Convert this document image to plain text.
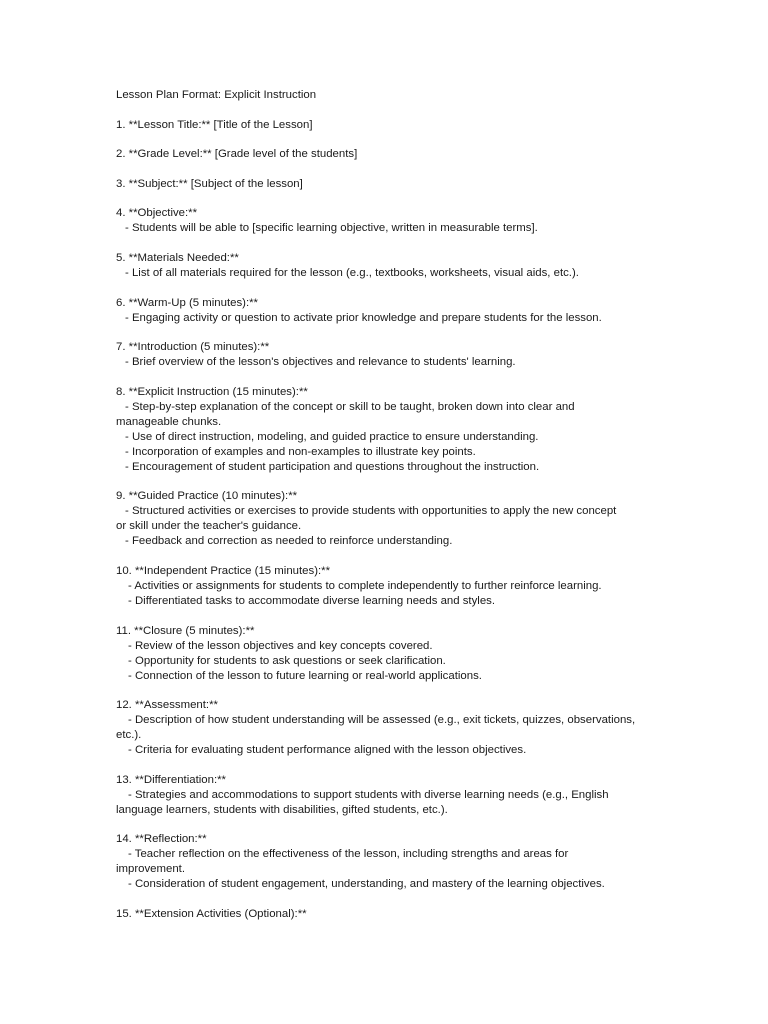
Lesson Plan Format: Explicit Instruction

1. **Lesson Title:** [Title of the Lesson]

2. **Grade Level:** [Grade level of the students]

3. **Subject:** [Subject of the lesson]

4. **Objective:**

- Students will be able to [specific learning objective, written in measurable terms].

5. **Materials Needed:**

- List of all materials required for the lesson (e.g., textbooks, worksheets, visual aids, etc.).

6. **Warm-Up (5 minutes):**

- Engaging activity or question to activate prior knowledge and prepare students for the lesson.

7. **Introduction (5 minutes):**

- Brief overview of the lesson's objectives and relevance to students' learning.

8. **Explicit Instruction (15 minutes):**

- Step-by-step explanation of the concept or skill to be taught, broken down into clear and

manageable chunks.

- Use of direct instruction, modeling, and guided practice to ensure understanding.

- Incorporation of examples and non-examples to illustrate key points.

- Encouragement of student participation and questions throughout the instruction.

9. **Guided Practice (10 minutes):**

- Structured activities or exercises to provide students with opportunities to apply the new concept

or skill under the teacher's guidance.

- Feedback and correction as needed to reinforce understanding.

10. **Independent Practice (15 minutes):**

- Activities or assignments for students to complete independently to further reinforce learning.

- Differentiated tasks to accommodate diverse learning needs and styles.

11. **Closure (5 minutes):**

- Review of the lesson objectives and key concepts covered.

- Opportunity for students to ask questions or seek clarification.

- Connection of the lesson to future learning or real-world applications.

12. **Assessment:**

- Description of how student understanding will be assessed (e.g., exit tickets, quizzes, observations,

etc.).

- Criteria for evaluating student performance aligned with the lesson objectives.

13. **Differentiation:**

- Strategies and accommodations to support students with diverse learning needs (e.g., English

language learners, students with disabilities, gifted students, etc.).

14. **Reflection:**

- Teacher reflection on the effectiveness of the lesson, including strengths and areas for

improvement.

- Consideration of student engagement, understanding, and mastery of the learning objectives.

15. **Extension Activities (Optional):**
